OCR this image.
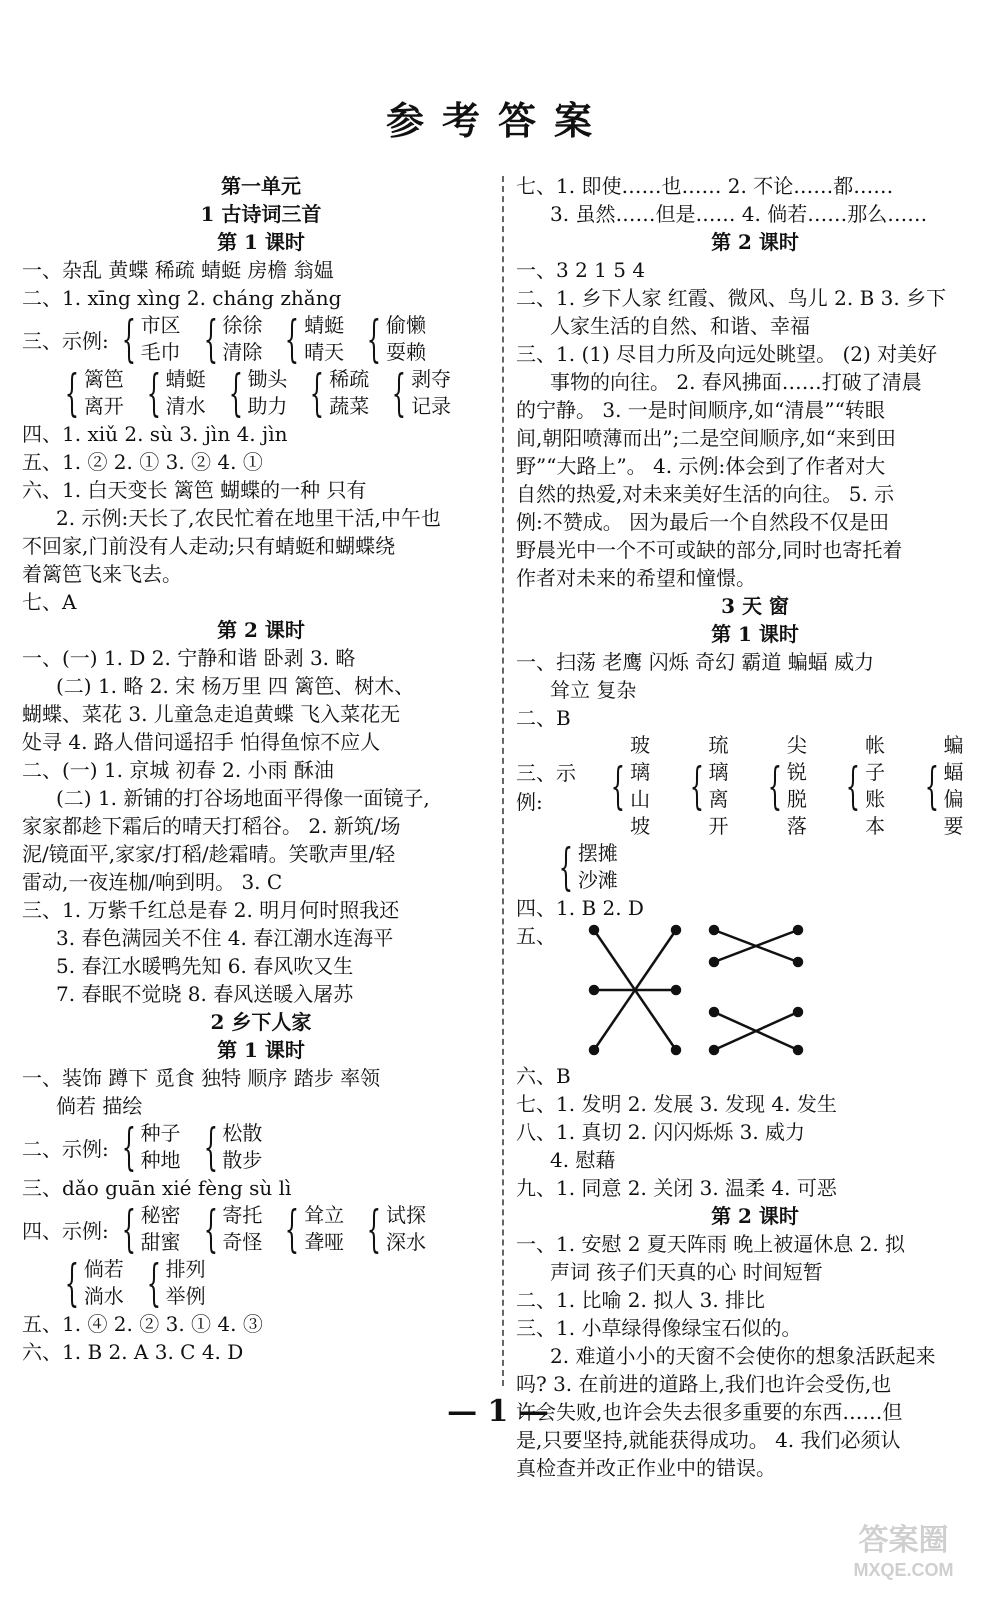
参考答案
第一单元
1 古诗词三首
第 1 课时
一、杂乱 黄蝶 稀疏 蜻蜓 房檐 翁媪
二、1. xīng xìng 2. cháng zhǎng
三、示例: { 市区
毛巾 { 徐徐
清除 { 蜻蜓
晴天 { 偷懒
耍赖
{ 篱笆
离开 { 蜻蜓
清水 { 锄头
助力 { 稀疏
蔬菜 { 剥夺
记录
四、1. xiǔ 2. sù 3. jìn 4. jìn
五、1. ② 2. ① 3. ② 4. ①
六、1. 白天变长 篱笆 蝴蝶的一种 只有
2. 示例:天长了,农民忙着在地里干活,中午也
不回家,门前没有人走动;只有蜻蜓和蝴蝶绕
着篱笆飞来飞去。
七、A
第 2 课时
一、(一) 1. D 2. 宁静和谐 卧剥 3. 略
(二) 1. 略 2. 宋 杨万里 四 篱笆、树木、
蝴蝶、菜花 3. 儿童急走追黄蝶 飞入菜花无
处寻 4. 路人借问遥招手 怕得鱼惊不应人
二、(一) 1. 京城 初春 2. 小雨 酥油
(二) 1. 新铺的打谷场地面平得像一面镜子,
家家都趁下霜后的晴天打稻谷。 2. 新筑/场
泥/镜面平,家家/打稻/趁霜晴。笑歌声里/轻
雷动,一夜连枷/响到明。 3. C
三、1. 万紫千红总是春 2. 明月何时照我还
3. 春色满园关不住 4. 春江潮水连海平
5. 春江水暖鸭先知 6. 春风吹又生
7. 春眠不觉晓 8. 春风送暖入屠苏
2 乡下人家
第 1 课时
一、装饰 蹲下 觅食 独特 顺序 踏步 率领
倘若 描绘
二、示例: { 种子
种地 { 松散
散步
三、dǎo guān xié fèng sù lì
四、示例: { 秘密
甜蜜 { 寄托
奇怪 { 耸立
聋哑 { 试探
深水
{ 倘若
淌水 { 排列
举例
五、1. ④ 2. ② 3. ① 4. ③
六、1. B 2. A 3. C 4. D
七、1. 即使……也…… 2. 不论……都……
3. 虽然……但是…… 4. 倘若……那么……
第 2 课时
一、3 2 1 5 4
二、1. 乡下人家 红霞、微风、鸟儿 2. B 3. 乡下
人家生活的自然、和谐、幸福
三、1. (1) 尽目力所及向远处眺望。 (2) 对美好
事物的向往。 2. 春风拂面……打破了清晨
的宁静。 3. 一是时间顺序,如“清晨”“转眼
间,朝阳喷薄而出”;二是空间顺序,如“来到田
野”“大路上”。 4. 示例:体会到了作者对大
自然的热爱,对未来美好生活的向往。 5. 示
例:不赞成。 因为最后一个自然段不仅是田
野晨光中一个不可或缺的部分,同时也寄托着
作者对未来的希望和憧憬。
3 天 窗
第 1 课时
一、扫荡 老鹰 闪烁 奇幻 霸道 蝙蝠 威力
耸立 复杂
二、B
三、示例:	{
玻璃
山坡
{
琉璃
离开
{
尖锐
脱落
{
帐子
账本
{
蝙蝠
偏要
{ 摆摊
沙滩
四、1. B 2. D
五、
六、B
七、1. 发明 2. 发展 3. 发现 4. 发生
八、1. 真切 2. 闪闪烁烁 3. 威力
4. 慰藉
九、1. 同意 2. 关闭 3. 温柔 4. 可恶
第 2 课时
一、1. 安慰 2 夏天阵雨 晚上被逼休息 2. 拟
声词 孩子们天真的心 时间短暂
二、1. 比喻 2. 拟人 3. 排比
三、1. 小草绿得像绿宝石似的。
2. 难道小小的天窗不会使你的想象活跃起来
吗? 3. 在前进的道路上,我们也许会受伤,也
许会失败,也许会失去很多重要的东西……但
是,只要坚持,就能获得成功。 4. 我们必须认
真检查并改正作业中的错误。
— 1 —
答案圈
MXQE.COM
